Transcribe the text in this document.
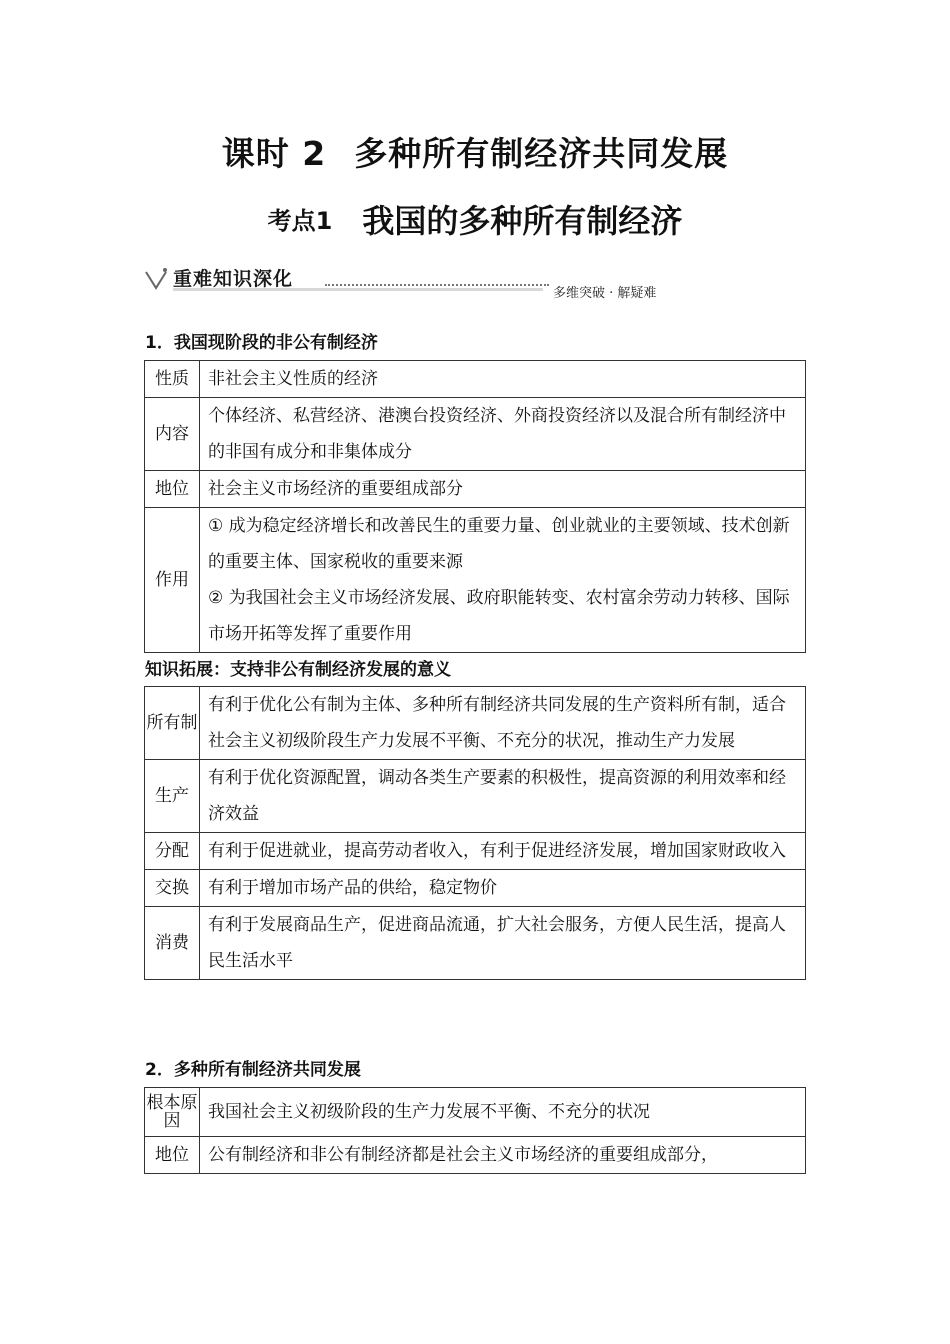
课时 2 多种所有制经济共同发展
考点1 我国的多种所有制经济
重难知识深化
多维突破 · 解疑难
1．我国现阶段的非公有制经济
性质	非社会主义性质的经济
内容	个体经济、私营经济、港澳台投资经济、外商投资经济以及混合所有制经济中的非国有成分和非集体成分
地位	社会主义市场经济的重要组成部分
作用	① 成为稳定经济增长和改善民生的重要力量、创业就业的主要领域、技术创新的重要主体、国家税收的重要来源
② 为我国社会主义市场经济发展、政府职能转变、农村富余劳动力转移、国际市场开拓等发挥了重要作用
知识拓展：支持非公有制经济发展的意义
所有制	有利于优化公有制为主体、多种所有制经济共同发展的生产资料所有制，适合社会主义初级阶段生产力发展不平衡、不充分的状况，推动生产力发展
生产	有利于优化资源配置，调动各类生产要素的积极性，提高资源的利用效率和经济效益
分配	有利于促进就业，提高劳动者收入，有利于促进经济发展，增加国家财政收入
交换	有利于增加市场产品的供给，稳定物价
消费	有利于发展商品生产，促进商品流通，扩大社会服务，方便人民生活，提高人民生活水平
2．多种所有制经济共同发展
根本原因	我国社会主义初级阶段的生产力发展不平衡、不充分的状况
地位	公有制经济和非公有制经济都是社会主义市场经济的重要组成部分，
